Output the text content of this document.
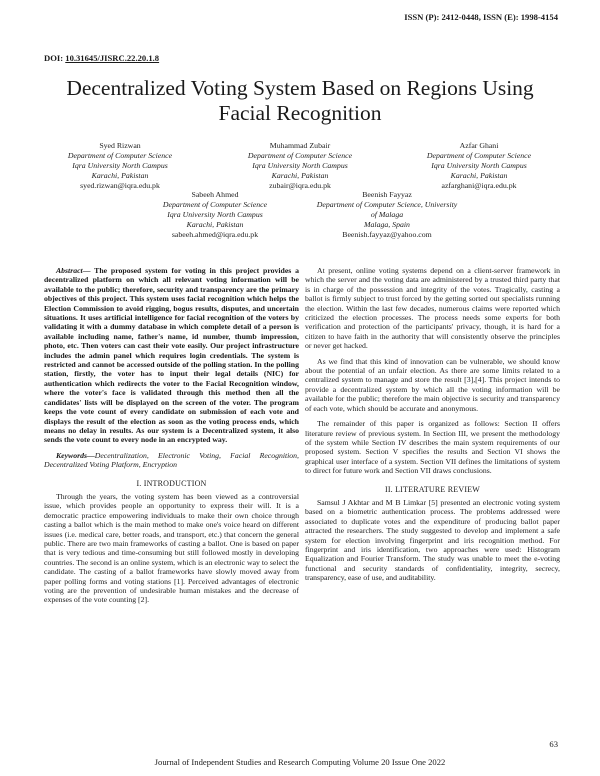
ISSN (P): 2412-0448, ISSN (E): 1998-4154
DOI: 10.31645/JISRC.22.20.1.8
Decentralized Voting System Based on Regions Using Facial Recognition
Syed Rizwan
Department of Computer Science
Iqra University North Campus
Karachi, Pakistan
syed.rizwan@iqra.edu.pk
Muhammad Zubair
Department of Computer Science
Iqra University North Campus
Karachi, Pakistan
zubair@iqra.edu.pk
Azfar Ghani
Department of Computer Science
Iqra University North Campus
Karachi, Pakistan
azfarghani@iqra.edu.pk
Sabeeh Ahmed
Department of Computer Science
Iqra University North Campus
Karachi, Pakistan
sabeeh.ahmed@iqra.edu.pk
Beenish Fayyaz
Department of Computer Science, University
of Malaga
Malaga, Spain
Beenish.fayyaz@yahoo.com

Abstract— The proposed system for voting in this project provides a decentralized platform on which all relevant voting information will be available to the public; therefore, security and transparency are the primary objectives of this project. This system uses facial recognition which helps the Election Commission to avoid rigging, bogus results, disputes, and uncertain situations. It uses artificial intelligence for facial recognition of the voters by validating it with a dummy database in which complete detail of a person is available including name, father's name, id number, thumb impression, photo, etc. Then voters can cast their vote easily. Our project infrastructure includes the admin panel which requires login credentials. The system is restricted and cannot be accessed outside of the polling station. In the polling station, firstly, the voter has to input their legal details (NIC) for authentication which redirects the voter to the Facial Recognition window, where the voter's face is validated through this method then all the candidates' lists will be displayed on the screen of the voter. The program keeps the vote count of every candidate on submission of each vote and displays the result of the election as soon as the voting process ends, which means no delay in results. As our system is a Decentralized system, it also sends the vote count to every node in an encrypted way.

Keywords—Decentralization, Electronic Voting, Facial Recognition, Decentralized Voting Platform, Encryption

I. INTRODUCTION

Through the years, the voting system has been viewed as a controversial issue, which provides people an opportunity to express their will. It is a democratic practice empowering individuals to make their own choice through casting a ballot which is the main method to make one's voice heard on different issues (i.e. medical care, better roads, and transport, etc.) that concern the general public. There are two main frameworks of casting a ballot. One is based on paper that is very tedious and time-consuming but still followed mostly in developing countries. The second is an online system, which is an electronic way to select the candidate. The casting of a ballot frameworks have slowly moved away from paper polling forms and voting stations [1]. Perceived advantages of electronic voting are the prevention of undesirable human mistakes and the decrease of expenses of the vote counting [2].

At present, online voting systems depend on a client-server framework in which the server and the voting data are administered by a trusted third party that is in charge of the possession and integrity of the votes. Tragically, casting a ballot is firmly subject to trust forced by the getting sorted out specialists running the election. Within the last few decades, numerous claims were reported which criticized the election processes. The process needs some experts for both verification and protection of the participants' privacy, though, it is hard for a citizen to have faith in the authority that will consistently observe the principles or never get hacked.

As we find that this kind of innovation can be vulnerable, we should know about the potential of an unfair election. As there are some limits related to a centralized system to manage and store the result [3],[4]. This project intends to provide a decentralized system by which all the voting information will be available for the public; therefore the main objective is security and transparency of each vote, which should be accurate and anonymous.

The remainder of this paper is organized as follows: Section II offers literature review of previous system. In Section III, we present the methodology of the system while Section IV describes the main system requirements of our proposed system. Section V specifies the results and Section VI shows the graphical user interface of a system. Section VII defines the limitations of system to direct for future work and Section VII draws conclusions.

II. LITERATURE REVIEW

Samsul J Akhtar and M B Limkar [5] presented an electronic voting system based on a biometric authentication process. The problems addressed were associated to duplicate votes and the expenditure of producing ballot paper attracted the researchers. The study suggested to develop and implement a safe system for election involving fingerprint and iris recognition method. For fingerprint and iris identification, two approaches were used: Histogram Equalization and Fourier Transform. The study was unable to meet the e-voting functional and security standards of confidentiality, integrity, secrecy, transparency, ease of use, and auditability.

63
Journal of Independent Studies and Research Computing Volume 20 Issue One 2022
